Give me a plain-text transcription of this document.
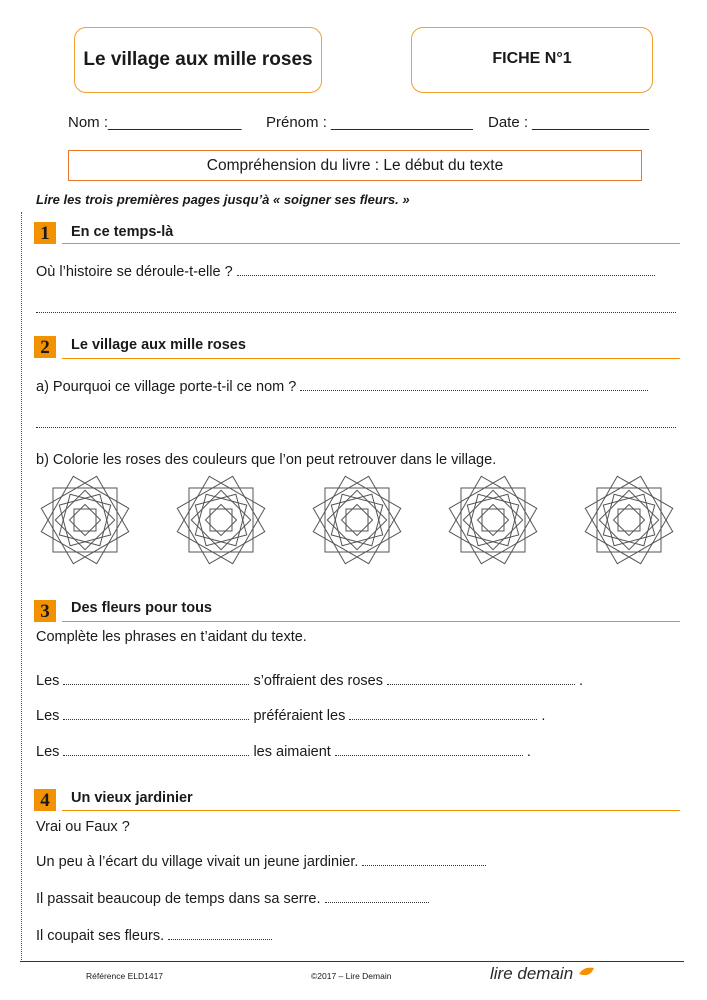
Le village aux mille roses	FICHE N°1
Nom :________________ Prénom : _________________ Date : ______________
Compréhension du livre : Le début du texte
Lire les trois premières pages jusqu’à « soigner ses fleurs. »
1	En ce temps-là
Où l’histoire se déroule-t-elle ?
2	Le village aux mille roses
a) Pourquoi ce village porte-t-il ce nom ?
b) Colorie les roses des couleurs que l’on peut retrouver dans le village.
3	Des fleurs pour tous
Complète les phrases en t’aidant du texte.
Les	s’offraient des roses	.
Les	préféraient les	.
Les	les aimaient	.
4	Un vieux jardinier
Vrai ou Faux ?
Un peu à l’écart du village vivait un jeune jardinier.
Il passait beaucoup de temps dans sa serre.
Il coupait ses fleurs.
Référence ELD1417	©2017 – Lire Demain	lire demain
